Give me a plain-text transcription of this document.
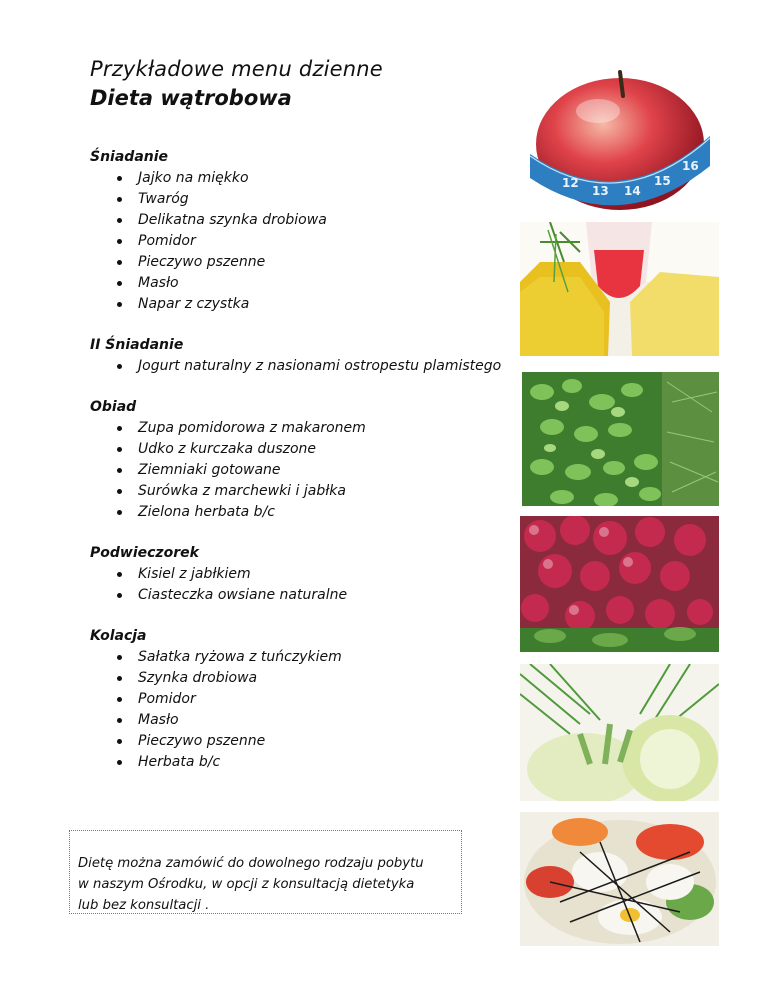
Przykładowe menu dzienne
Dieta wątrobowa
Śniadanie
Jajko na miękko
Twaróg
Delikatna szynka drobiowa
Pomidor
Pieczywo pszenne
Masło
Napar z czystka
II Śniadanie
Jogurt naturalny z nasionami ostropestu plamistego
Obiad
Zupa pomidorowa z makaronem
Udko z kurczaka duszone
Ziemniaki gotowane
Surówka z marchewki i jabłka
Zielona herbata b/c
Podwieczorek
Kisiel z jabłkiem
Ciasteczka owsiane naturalne
Kolacja
Sałatka ryżowa z tuńczykiem
Szynka drobiowa
Pomidor
Masło
Pieczywo pszenne
Herbata b/c
Dietę można zamówić do dowolnego rodzaju pobytu
w naszym Ośrodku, w opcji z konsultacją dietetyka
lub bez konsultacji .
12
13 14
15
16
